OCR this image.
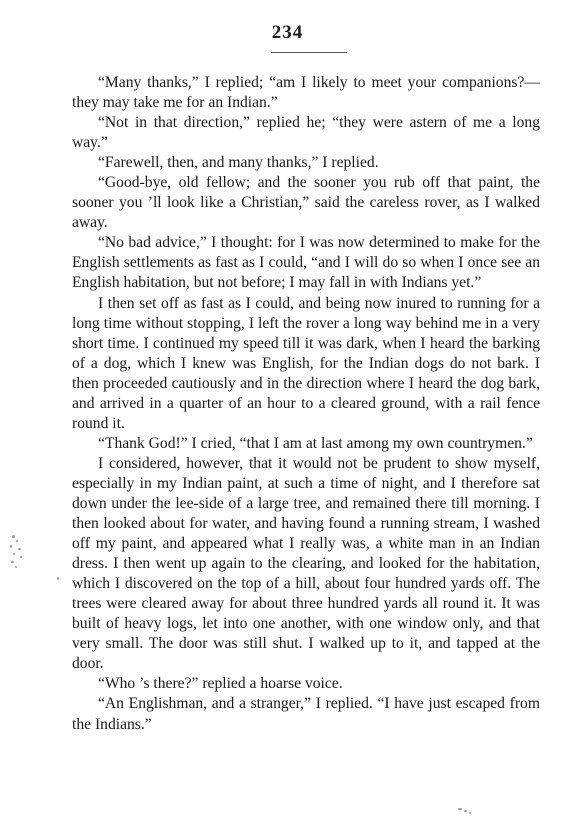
234

“Many thanks,” I replied; “am I likely to meet your companions?—they may take me for an Indian.”

“Not in that direction,” replied he; “they were astern of me a long way.”

“Farewell, then, and many thanks,” I replied.

“Good-bye, old fellow; and the sooner you rub off that paint, the sooner you ’ll look like a Christian,” said the careless rover, as I walked away.

“No bad advice,” I thought: for I was now determined to make for the English settlements as fast as I could, “and I will do so when I once see an English habitation, but not before; I may fall in with Indians yet.”

I then set off as fast as I could, and being now inured to running for a long time without stopping, I left the rover a long way behind me in a very short time. I continued my speed till it was dark, when I heard the barking of a dog, which I knew was English, for the Indian dogs do not bark. I then proceeded cautiously and in the direction where I heard the dog bark, and arrived in a quarter of an hour to a cleared ground, with a rail fence round it.

“Thank God!” I cried, “that I am at last among my own countrymen.”

I considered, however, that it would not be prudent to show myself, especially in my Indian paint, at such a time of night, and I therefore sat down under the lee-side of a large tree, and remained there till morning. I then looked about for water, and having found a running stream, I washed off my paint, and appeared what I really was, a white man in an Indian dress. I then went up again to the clearing, and looked for the habitation, which I discovered on the top of a hill, about four hundred yards off. The trees were cleared away for about three hundred yards all round it. It was built of heavy logs, let into one another, with one window only, and that very small. The door was still shut. I walked up to it, and tapped at the door.

“Who ’s there?” replied a hoarse voice.

“An Englishman, and a stranger,” I replied. “I have just escaped from the Indians.”
